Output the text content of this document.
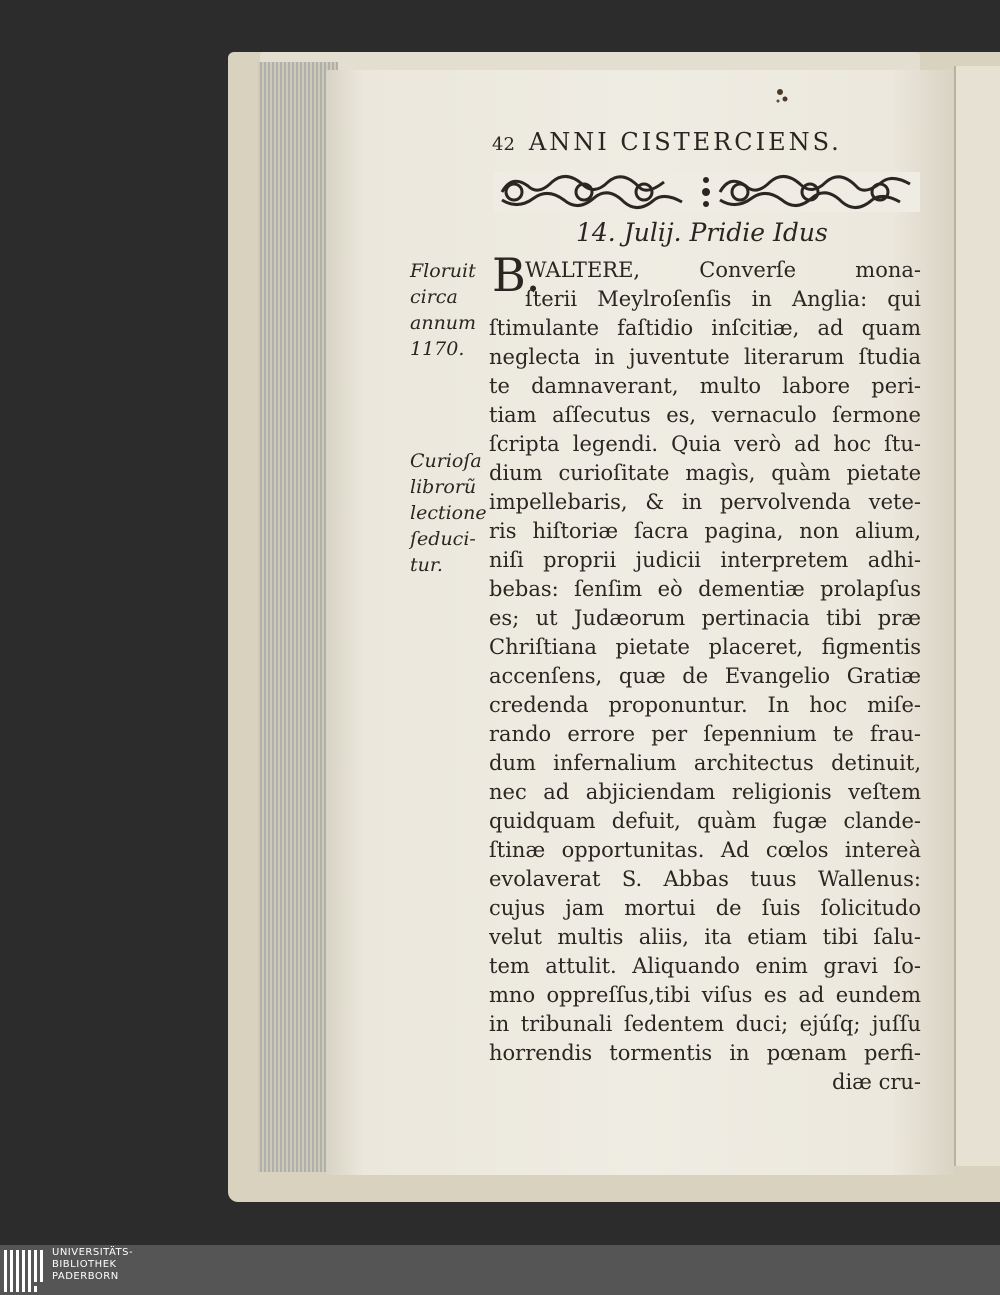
42 ANNI CISTERCIENS.
14. Julij. Pridie Idus
B.
WALTERE, Converſe mona-
ſterii Meylroſenſis in Anglia: qui
ſtimulante faſtidio inſcitiæ, ad quam
neglecta in juventute literarum ſtudia
te damnaverant, multo labore peri-
tiam aſſecutus es, vernaculo ſermone
ſcripta legendi. Quia verò ad hoc ſtu-
dium curioſitate magìs, quàm pietate
impellebaris, & in pervolvenda vete-
ris hiſtoriæ ſacra pagina, non alium,
niſi proprii judicii interpretem adhi-
bebas: ſenſim eò dementiæ prolapſus
es; ut Judæorum pertinacia tibi præ
Chriſtiana pietate placeret, figmentis
accenſens, quæ de Evangelio Gratiæ
credenda proponuntur. In hoc miſe-
rando errore per ſepennium te frau-
dum infernalium architectus detinuit,
nec ad abjiciendam religionis veſtem
quidquam defuit, quàm fugæ clande-
ſtinæ opportunitas. Ad cœlos intereà
evolaverat S. Abbas tuus Wallenus:
cujus jam mortui de ſuis ſolicitudo
velut multis aliis, ita etiam tibi ſalu-
tem attulit. Aliquando enim gravi ſo-
mno oppreſſus,tibi viſus es ad eundem
in tribunali ſedentem duci; ejúſq; juſſu
horrendis tormentis in pœnam perfi-
diæ cru-
Floruit
circa
annum
1170.
Curioſa
librorũ
lectione
ſeduci-
tur.
UNIVERSITÄTS-
BIBLIOTHEK
PADERBORN
